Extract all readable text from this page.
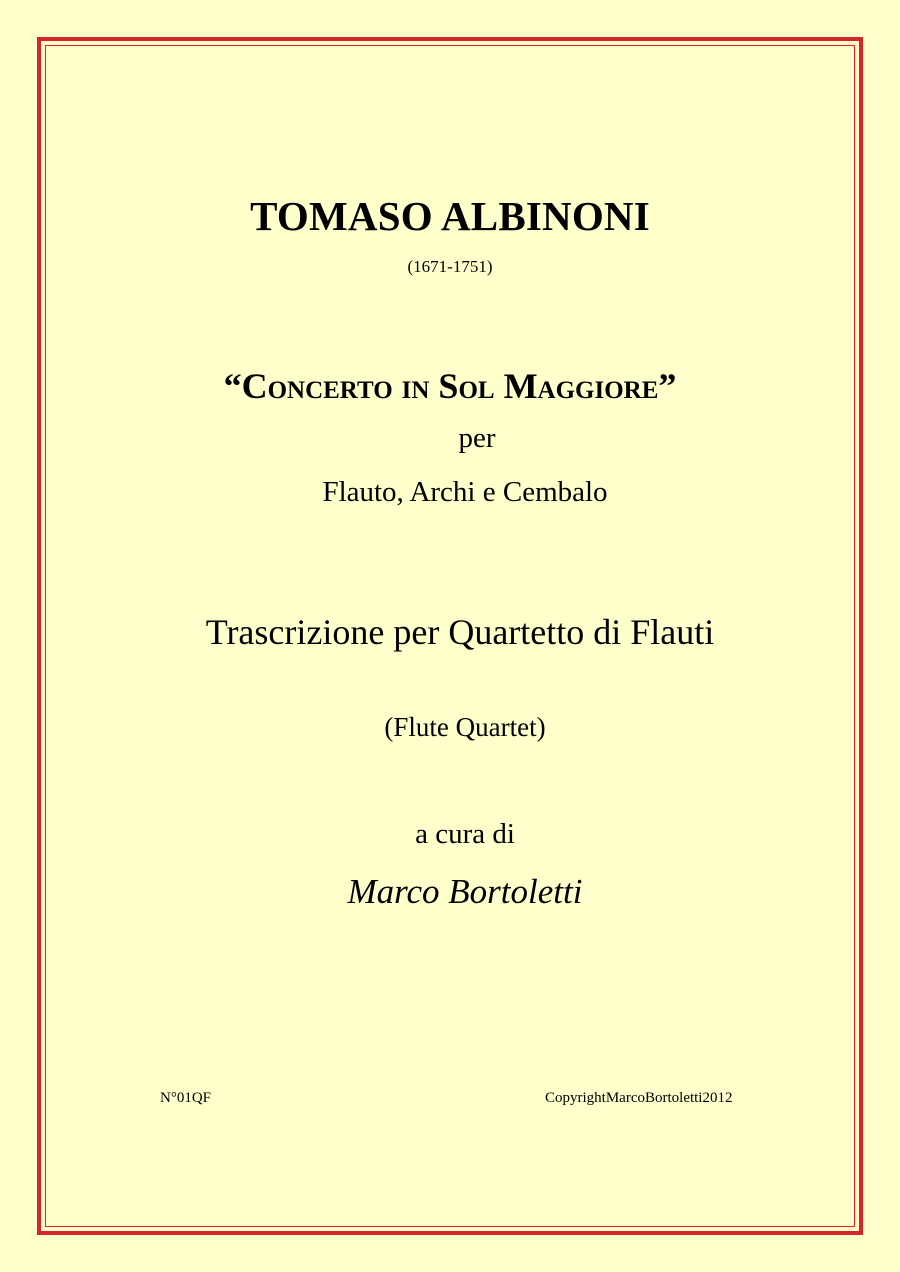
TOMASO ALBINONI
(1671-1751)
“Concerto in Sol Maggiore”
per
Flauto, Archi e Cembalo
Trascrizione per Quartetto di Flauti
(Flute Quartet)
a cura di
Marco Bortoletti
N°01QF	CopyrightMarcoBortoletti2012
